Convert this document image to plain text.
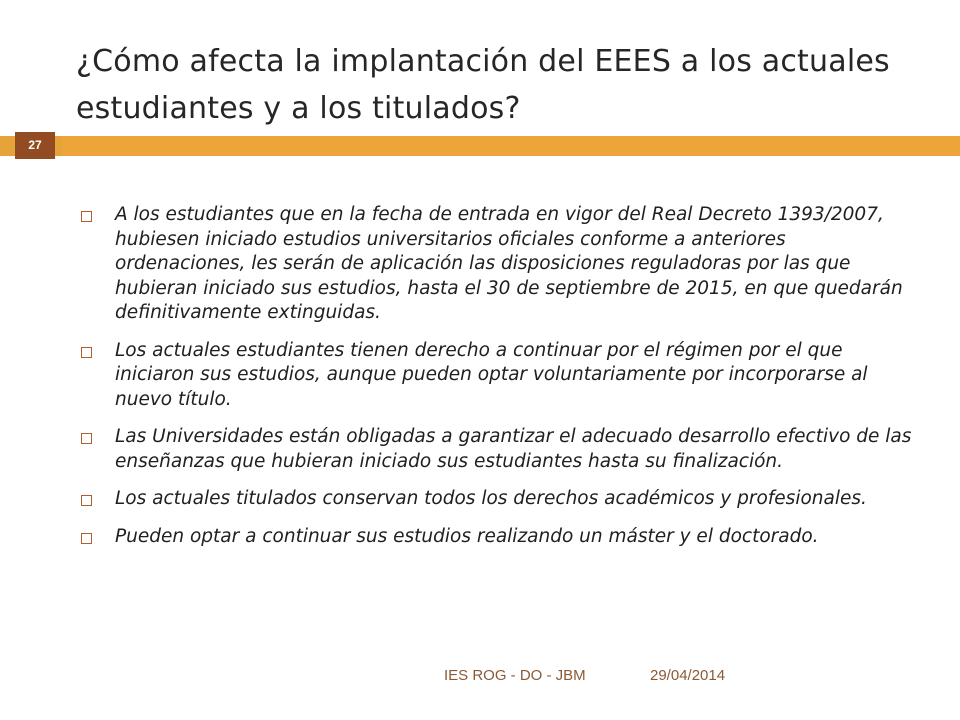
¿Cómo afecta la implantación del EEES a los actuales estudiantes y a los titulados?
27
A los estudiantes que en la fecha de entrada en vigor del Real Decreto 1393/2007, hubiesen iniciado estudios universitarios oficiales conforme a anteriores ordenaciones, les serán de aplicación las disposiciones reguladoras por las que hubieran iniciado sus estudios, hasta el 30 de septiembre de 2015, en que quedarán definitivamente extinguidas.
Los actuales estudiantes tienen derecho a continuar por el régimen por el que iniciaron sus estudios, aunque pueden optar voluntariamente por incorporarse al nuevo título.
Las Universidades están obligadas a garantizar el adecuado desarrollo efectivo de las enseñanzas que hubieran iniciado sus estudiantes hasta su finalización.
Los actuales titulados conservan todos los derechos académicos y profesionales.
Pueden optar a continuar sus estudios realizando un máster y el doctorado.
IES ROG - DO - JBM	29/04/2014
